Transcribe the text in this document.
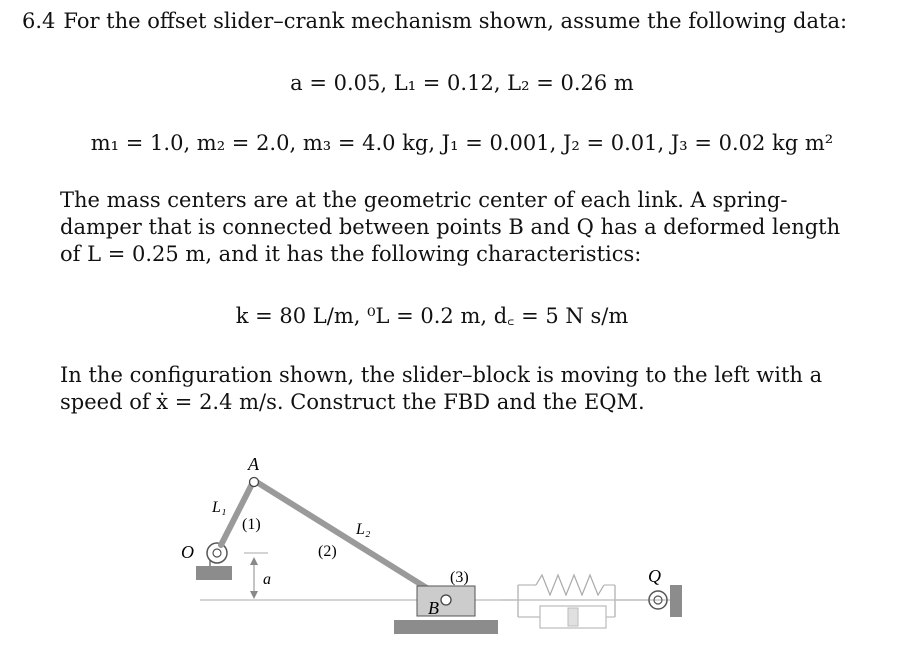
6.4 For the offset slider–crank mechanism shown, assume the following data:
a = 0.05, L₁ = 0.12, L₂ = 0.26 m
m₁ = 1.0, m₂ = 2.0, m₃ = 4.0 kg, J₁ = 0.001, J₂ = 0.01, J₃ = 0.02 kg m²
The mass centers are at the geometric center of each link. A spring-damper that is connected between points B and Q has a deformed length of L = 0.25 m, and it has the following characteristics:
k = 80 L/m, ⁰L = 0.2 m, d꜀ = 5 N s/m
In the configuration shown, the slider–block is moving to the left with a speed of ẋ = 2.4 m/s. Construct the FBD and the EQM.
O
A
B
Q
L₁
L₂
(1)
(2)
(3)
a
